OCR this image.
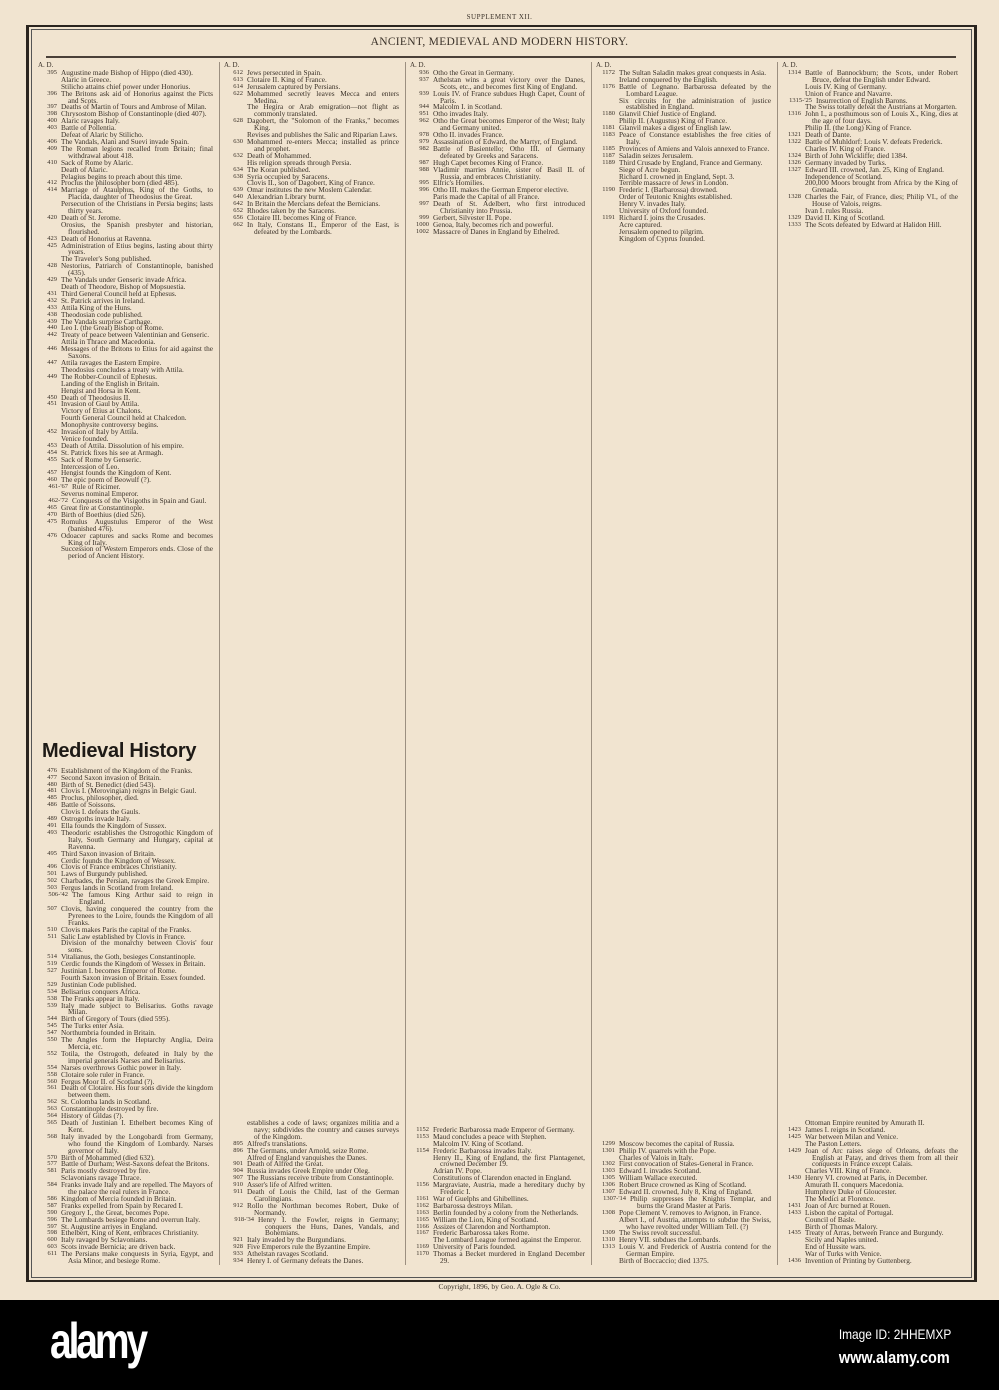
SUPPLEMENT XII.
ANCIENT, MEDIEVAL AND MODERN HISTORY.
A. D.
395 Augustine made Bishop of Hippo (died 430).
Alaric in Greece.
Stilicho attains chief power under Honorius.
396 The Britons ask aid of Honorius against the Picts and Scots.
397 Deaths of Martin of Tours and Ambrose of Milan.
398 Chrysostom Bishop of Constantinople (died 407).
400 Alaric ravages Italy.
403 Battle of Pollentia.
Defeat of Alaric by Stilicho.
406 The Vandals, Alani and Suevi invade Spain.
409 The Roman legions recalled from Britain; final withdrawal about 418.
410 Sack of Rome by Alaric.
Death of Alaric.
Pelagius begins to preach about this time.
412 Proclus the philosopher born (died 485).
414 Marriage of Ataulphus, King of the Goths, to Placida, daughter of Theodosius the Great.
Persecution of the Christians in Persia begins; lasts thirty years.
420 Death of St. Jerome.
Orosius, the Spanish presbyter and historian, flourished.
423 Death of Honorius at Ravenna.
425 Administration of Etius begins, lasting about thirty years.
The Traveler's Song published.
428 Nestorius, Patriarch of Constantinople, banished (435).
429 The Vandals under Genseric invade Africa.
Death of Theodore, Bishop of Mopsuestia.
431 Third General Council held at Ephesus.
432 St. Patrick arrives in Ireland.
433 Attila King of the Huns.
438 Theodosian code published.
439 The Vandals surprise Carthage.
440 Leo I. (the Great) Bishop of Rome.
442 Treaty of peace between Valentinian and Genseric.
Attila in Thrace and Macedonia.
446 Messages of the Britons to Etius for aid against the Saxons.
447 Attila ravages the Eastern Empire.
Theodosius concludes a treaty with Attila.
449 The Robber-Council of Ephesus.
Landing of the English in Britain.
Hengist and Horsa in Kent.
450 Death of Theodosius II.
451 Invasion of Gaul by Attila.
Victory of Etius at Chalons.
Fourth General Council held at Chalcedon.
Monophysite controversy begins.
452 Invasion of Italy by Attila.
Venice founded.
453 Death of Attila. Dissolution of his empire.
454 St. Patrick fixes his see at Armagh.
455 Sack of Rome by Genseric.
Intercession of Leo.
457 Hengist founds the Kingdom of Kent.
460 The epic poem of Beowulf (?).
461-'67 Rule of Ricimer.
Severus nominal Emperor.
462-'72 Conquests of the Visigoths in Spain and Gaul.
465 Great fire at Constantinople.
470 Birth of Boethius (died 526).
475 Romulus Augustulus Emperor of the West (banished 476).
476 Odoacer captures and sacks Rome and becomes King of Italy.
Succession of Western Emperors ends. Close of the period of Ancient History.
Medieval History
476 Establishment of the Kingdom of the Franks.
477 Second Saxon invasion of Britain.
480 Birth of St. Benedict (died 543).
481 Clovis I. (Merovingian) reigns in Belgic Gaul.
485 Proclus, philosopher, died.
486 Battle of Soissons.
Clovis I. defeats the Gauls.
489 Ostrogoths invade Italy.
491 Ella founds the Kingdom of Sussex.
493 Theodoric establishes the Ostrogothic Kingdom of Italy, South Germany and Hungary, capital at Ravenna.
495 Third Saxon invasion of Britain.
Cerdic founds the Kingdom of Wessex.
496 Clovis of France embraces Christianity.
501 Laws of Burgundy published.
502 Charbades, the Persian, ravages the Greek Empire.
503 Fergus lands in Scotland from Ireland.
506-'42 The famous King Arthur said to reign in England.
507 Clovis, having conquered the country from the Pyrenees to the Loire, founds the Kingdom of all Franks.
510 Clovis makes Paris the capital of the Franks.
511 Salic Law established by Clovis in France.
Division of the monarchy between Clovis' four sons.
514 Vitalianus, the Goth, besieges Constantinople.
519 Cerdic founds the Kingdom of Wessex in Britain.
527 Justinian I. becomes Emperor of Rome.
Fourth Saxon invasion of Britain. Essex founded.
529 Justinian Code published.
534 Belisarius conquers Africa.
538 The Franks appear in Italy.
539 Italy made subject to Belisarius. Goths ravage Milan.
544 Birth of Gregory of Tours (died 595).
545 The Turks enter Asia.
547 Northumbria founded in Britain.
550 The Angles form the Heptarchy Anglia, Deira Mercia, etc.
552 Totila, the Ostrogoth, defeated in Italy by the imperial generals Narses and Belisarius.
554 Narses overthrows Gothic power in Italy.
558 Clotaire sole ruler in France.
560 Fergus Moor II. of Scotland (?).
561 Death of Clotaire. His four sons divide the kingdom between them.
562 St. Colomba lands in Scotland.
563 Constantinople destroyed by fire.
564 History of Gildas (?).
565 Death of Justinian I. Ethelbert becomes King of Kent.
568 Italy invaded by the Longobardi from Germany, who found the Kingdom of Lombardy. Narses governor of Italy.
570 Birth of Mohammed (died 632).
577 Battle of Durham; West-Saxons defeat the Britons.
581 Paris mostly destroyed by fire.
Sclavonians ravage Thrace.
584 Franks invade Italy and are repelled. The Mayors of the palace the real rulers in France.
586 Kingdom of Mercia founded in Britain.
587 Franks expelled from Spain by Recared I.
590 Gregory I., the Great, becomes Pope.
596 The Lombards besiege Rome and overrun Italy.
597 St. Augustine arrives in England.
598 Ethelbert, King of Kent, embraces Christianity.
600 Italy ravaged by Sclavonians.
603 Scots invade Bernicia; are driven back.
611 The Persians make conquests in Syria, Egypt, and Asia Minor, and besiege Rome.
A. D.
612 Jews persecuted in Spain.
613 Clotaire II. King of France.
614 Jerusalem captured by Persians.
622 Mohammed secretly leaves Mecca and enters Medina.
The Hegira or Arab emigration—not flight as commonly translated.
628 Dagobert, the "Solomon of the Franks," becomes King.
Revises and publishes the Salic and Riparian Laws.
630 Mohammed re-enters Mecca; installed as prince and prophet.
632 Death of Mohammed.
His religion spreads through Persia.
634 The Koran published.
638 Syria occupied by Saracens.
Clovis II., son of Dagobert, King of France.
639 Omar institutes the new Moslem Calendar.
640 Alexandrian Library burnt.
642 In Britain the Mercians defeat the Bernicians.
652 Rhodes taken by the Saracens.
656 Clotaire III. becomes King of France.
662 In Italy, Constans II., Emperor of the East, is defeated by the Lombards.
establishes a code of laws; organizes militia and a navy; subdivides the country and causes surveys of the Kingdom.
895 Alfred's translations.
896 The Germans, under Arnold, seize Rome.
Alfred of England vanquishes the Danes.
901 Death of Alfred the Great.
904 Russia invades Greek Empire under Oleg.
907 The Russians receive tribute from Constantinople.
910 Asser's life of Alfred written.
911 Death of Louis the Child, last of the German Carolingians.
912 Rollo the Northman becomes Robert, Duke of Normandy.
918-'34 Henry I. the Fowler, reigns in Germany; conquers the Huns, Danes, Vandals, and Bohemians.
921 Italy invaded by the Burgundians.
928 Five Emperors rule the Byzantine Empire.
933 Athelstan ravages Scotland.
934 Henry I. of Germany defeats the Danes.
A. D.
936 Otho the Great in Germany.
937 Athelstan wins a great victory over the Danes, Scots, etc., and becomes first King of England.
939 Louis IV. of France subdues Hugh Capet, Count of Paris.
944 Malcolm I. in Scotland.
951 Otho invades Italy.
962 Otho the Great becomes Emperor of the West; Italy and Germany united.
978 Otho II. invades France.
979 Assassination of Edward, the Martyr, of England.
982 Battle of Basientello; Otho III. of Germany defeated by Greeks and Saracens.
987 Hugh Capet becomes King of France.
988 Vladimir marries Annie, sister of Basil II. of Russia, and embraces Christianity.
995 Elfric's Homilies.
996 Otho III. makes the German Emperor elective.
Paris made the Capital of all France.
997 Death of St. Adelbert, who first introduced Christianity into Prussia.
999 Gerbert, Silvester II. Pope.
1000 Genoa, Italy, becomes rich and powerful.
1002 Massacre of Danes in England by Ethelred.
1152 Frederic Barbarossa made Emperor of Germany.
1153 Maud concludes a peace with Stephen.
Malcolm IV. King of Scotland.
1154 Frederic Barbarossa invades Italy.
Henry II., King of England, the first Plantagenet, crowned December 19.
Adrian IV. Pope.
Constitutions of Clarendon enacted in England.
1156 Margraviate, Austria, made a hereditary duchy by Frederic I.
1161 War of Guelphs and Ghibellines.
1162 Barbarossa destroys Milan.
1163 Berlin founded by a colony from the Netherlands.
1165 William the Lion, King of Scotland.
1166 Assizes of Clarendon and Northampton.
1167 Frederic Barbarossa takes Rome.
The Lombard League formed against the Emperor.
1169 University of Paris founded.
1170 Thomas a Becket murdered in England December 29.
A. D.
1172 The Sultan Saladin makes great conquests in Asia.
Ireland conquered by the English.
1176 Battle of Legnano. Barbarossa defeated by the Lombard League.
Six circuits for the administration of justice established in England.
1180 Glanvil Chief Justice of England.
Philip II. (Augustus) King of France.
1181 Glanvil makes a digest of English law.
1183 Peace of Constance establishes the free cities of Italy.
1185 Provinces of Amiens and Valois annexed to France.
1187 Saladin seizes Jerusalem.
1189 Third Crusade by England, France and Germany.
Siege of Acre begun.
Richard I. crowned in England, Sept. 3.
Terrible massacre of Jews in London.
1190 Frederic I. (Barbarossa) drowned.
Order of Teutonic Knights established.
Henry V. invades Italy.
University of Oxford founded.
1191 Richard I. joins the Crusades.
Acre captured.
Jerusalem opened to pilgrim.
Kingdom of Cyprus founded.
1299 Moscow becomes the capital of Russia.
1301 Philip IV. quarrels with the Pope.
Charles of Valois in Italy.
1302 First convocation of States-General in France.
1303 Edward I. invades Scotland.
1305 William Wallace executed.
1306 Robert Bruce crowned as King of Scotland.
1307 Edward II. crowned, July 8, King of England.
1307-'14 Philip suppresses the Knights Templar, and burns the Grand Master at Paris.
1308 Pope Clement V. removes to Avignon, in France.
Albert I., of Austria, attempts to subdue the Swiss, who have revolted under William Tell. (?)
1309 The Swiss revolt successful.
1310 Henry VII. subdues the Lombards.
1313 Louis V. and Frederick of Austria contend for the German Empire.
Birth of Boccaccio; died 1375.
A. D.
1314 Battle of Bannockburn; the Scots, under Robert Bruce, defeat the English under Edward.
Louis IV. King of Germany.
Union of France and Navarre.
1315-'25 Insurrection of English Barons.
The Swiss totally defeat the Austrians at Morgarten.
1316 John I., a posthumous son of Louis X., King, dies at the age of four days.
Philip II. (the Long) King of France.
1321 Death of Dante.
1322 Battle of Muhldorf: Louis V. defeats Frederick.
Charles IV. King of France.
1324 Birth of John Wickliffe; died 1384.
1326 Germany invaded by Turks.
1327 Edward III. crowned, Jan. 25, King of England.
Independence of Scotland.
200,000 Moors brought from Africa by the King of Grenada.
1328 Charles the Fair, of France, dies; Philip VI., of the House of Valois, reigns.
Ivan I. rules Russia.
1329 David II. King of Scotland.
1333 The Scots defeated by Edward at Halidon Hill.
Ottoman Empire reunited by Amurath II.
1423 James I. reigns in Scotland.
1425 War between Milan and Venice.
The Paston Letters.
1429 Joan of Arc raises siege of Orleans, defeats the English at Patay, and drives them from all their conquests in France except Calais.
Charles VIII. King of France.
1430 Henry VI. crowned at Paris, in December.
Amurath II. conquers Macedonia.
Humphrey Duke of Gloucester.
The Medici at Florence.
1431 Joan of Arc burned at Rouen.
1433 Lisbon the capital of Portugal.
Council of Basle.
Birth of Thomas Malory.
1435 Treaty of Arras, between France and Burgundy.
Sicily and Naples united.
End of Hussite wars.
War of Turks with Venice.
1436 Invention of Printing by Guttenberg.
Copyright, 1896, by Geo. A. Ogle & Co.
alamy	Image ID: 2HHEMXP
www.alamy.com
